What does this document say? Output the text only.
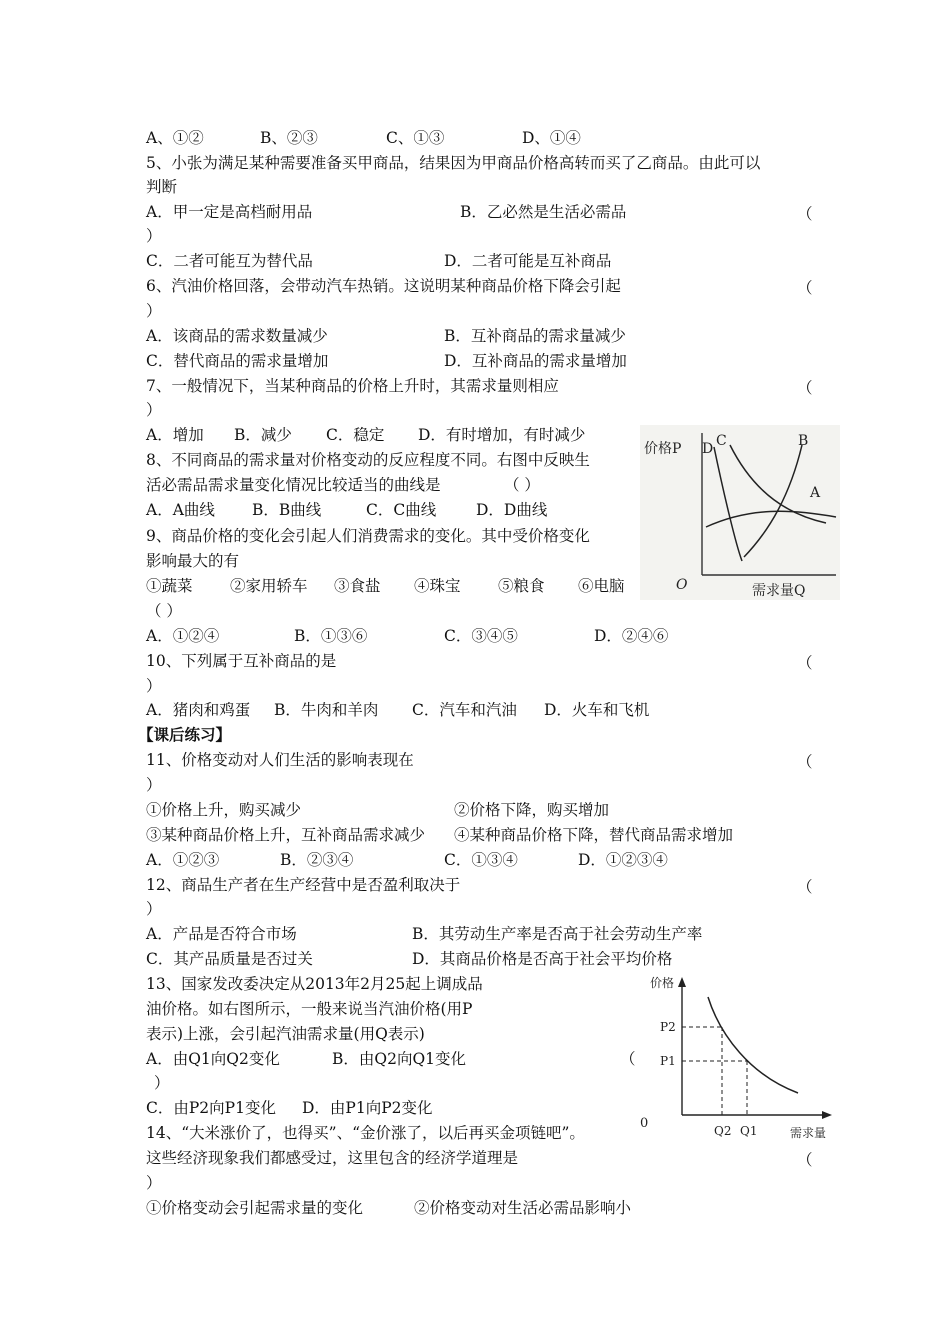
A、①②	B、②③	C、①③	D、①④
5、小张为满足某种需要准备买甲商品，结果因为甲商品价格高转而买了乙商品。由此可以
判断
A．甲一定是高档耐用品	B．乙必然是生活必需品	（
）
C．二者可能互为替代品	D．二者可能是互补商品
6、汽油价格回落，会带动汽车热销。这说明某种商品价格下降会引起	（
）
A．该商品的需求数量减少	B．互补商品的需求量减少
C．替代商品的需求量增加	D．互补商品的需求量增加
7、一般情况下，当某种商品的价格上升时，其需求量则相应	（
）
A．增加 B．减少 C．稳定 D．有时增加，有时减少
8、不同商品的需求量对价格变动的反应程度不同。右图中反映生
活必需品需求量变化情况比较适当的曲线是	（ ）
A．A曲线 B．B曲线	C．C曲线	D．D曲线
9、商品价格的变化会引起人们消费需求的变化。其中受价格变化
影响最大的有
①蔬菜 ②家用轿车 ③食盐 ④珠宝 ⑤粮食 ⑥电脑
（ ）
A．①②④	B．①③⑥	C．③④⑤	D．②④⑥
10、下列属于互补商品的是	（
）
A．猪肉和鸡蛋 B．牛肉和羊肉 C．汽车和汽油 D．火车和飞机
【课后练习】
11、价格变动对人们生活的影响表现在	（
）
①价格上升，购买减少	②价格下降，购买增加
③某种商品价格上升，互补商品需求减少 ④某种商品价格下降，替代商品需求增加
A．①②③	B．②③④	C．①③④	D．①②③④
12、商品生产者在生产经营中是否盈利取决于	（
）
A．产品是否符合市场	B．其劳动生产率是否高于社会劳动生产率
C．其产品质量是否过关	D．其商品价格是否高于社会平均价格
13、国家发改委决定从2013年2月25起上调成品
油价格。如右图所示，一般来说当汽油价格(用P
表示)上涨，会引起汽油需求量(用Q表示)
A．由Q1向Q2变化	B．由Q2向Q1变化	（
）
C．由P2向P1变化 D．由P1向P2变化
14、“大米涨价了，也得买”、“金价涨了，以后再买金项链吧”。
这些经济现象我们都感受过，这里包含的经济学道理是	（
）
①价格变动会引起需求量的变化	②价格变动对生活必需品影响小
价格P
需求量Q
O
A
B
C
D
价格
需求量
0
P2
P1
Q2 Q1
